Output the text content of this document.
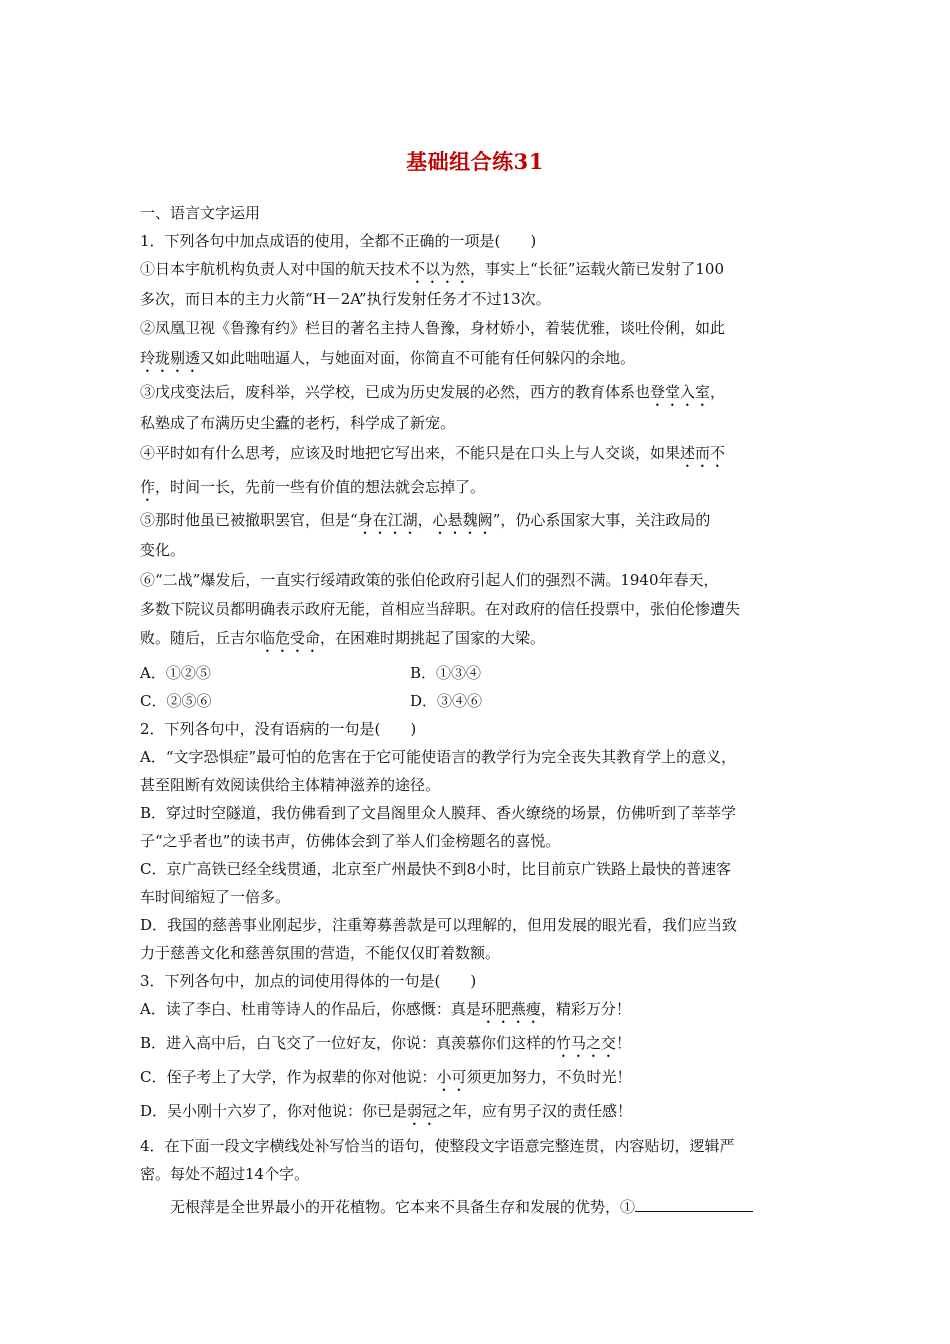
基础组合练31
一、语言文字运用
1．下列各句中加点成语的使用，全都不正确的一项是(　　)
①日本宇航机构负责人对中国的航天技术不以为然，事实上“长征”运载火箭已发射了100
多次，而日本的主力火箭“H－2A”执行发射任务才不过13次。
②凤凰卫视《鲁豫有约》栏目的著名主持人鲁豫，身材娇小，着装优雅，谈吐伶俐，如此
玲珑剔透又如此咄咄逼人，与她面对面，你简直不可能有任何躲闪的余地。
③戊戌变法后，废科举，兴学校，已成为历史发展的必然，西方的教育体系也登堂入室，
私塾成了布满历史尘蠹的老朽，科学成了新宠。
④平时如有什么思考，应该及时地把它写出来，不能只是在口头上与人交谈，如果述而不
作，时间一长，先前一些有价值的想法就会忘掉了。
⑤那时他虽已被撤职罢官，但是“身在江湖，心悬魏阙”，仍心系国家大事，关注政局的
变化。
⑥“二战”爆发后，一直实行绥靖政策的张伯伦政府引起人们的强烈不满。1940年春天，
多数下院议员都明确表示政府无能，首相应当辞职。在对政府的信任投票中，张伯伦惨遭失
败。随后，丘吉尔临危受命，在困难时期挑起了国家的大梁。
A．①②⑤	B．①③④
C．②⑤⑥	D．③④⑥
2．下列各句中，没有语病的一句是(　　)
A．“文字恐惧症”最可怕的危害在于它可能使语言的教学行为完全丧失其教育学上的意义，
甚至阻断有效阅读供给主体精神滋养的途径。
B．穿过时空隧道，我仿佛看到了文昌阁里众人膜拜、香火缭绕的场景，仿佛听到了莘莘学
子“之乎者也”的读书声，仿佛体会到了举人们金榜题名的喜悦。
C．京广高铁已经全线贯通，北京至广州最快不到8小时，比目前京广铁路上最快的普速客
车时间缩短了一倍多。
D．我国的慈善事业刚起步，注重筹募善款是可以理解的，但用发展的眼光看，我们应当致
力于慈善文化和慈善氛围的营造，不能仅仅盯着数额。
3．下列各句中，加点的词使用得体的一句是(　　)
A．读了李白、杜甫等诗人的作品后，你感慨：真是环肥燕瘦，精彩万分！
B．进入高中后，白飞交了一位好友，你说：真羡慕你们这样的竹马之交！
C．侄子考上了大学，作为叔辈的你对他说：小可须更加努力，不负时光！
D．吴小刚十六岁了，你对他说：你已是弱冠之年，应有男子汉的责任感！
4．在下面一段文字横线处补写恰当的语句，使整段文字语意完整连贯，内容贴切，逻辑严
密。每处不超过14个字。
无根萍是全世界最小的开花植物。它本来不具备生存和发展的优势，①
